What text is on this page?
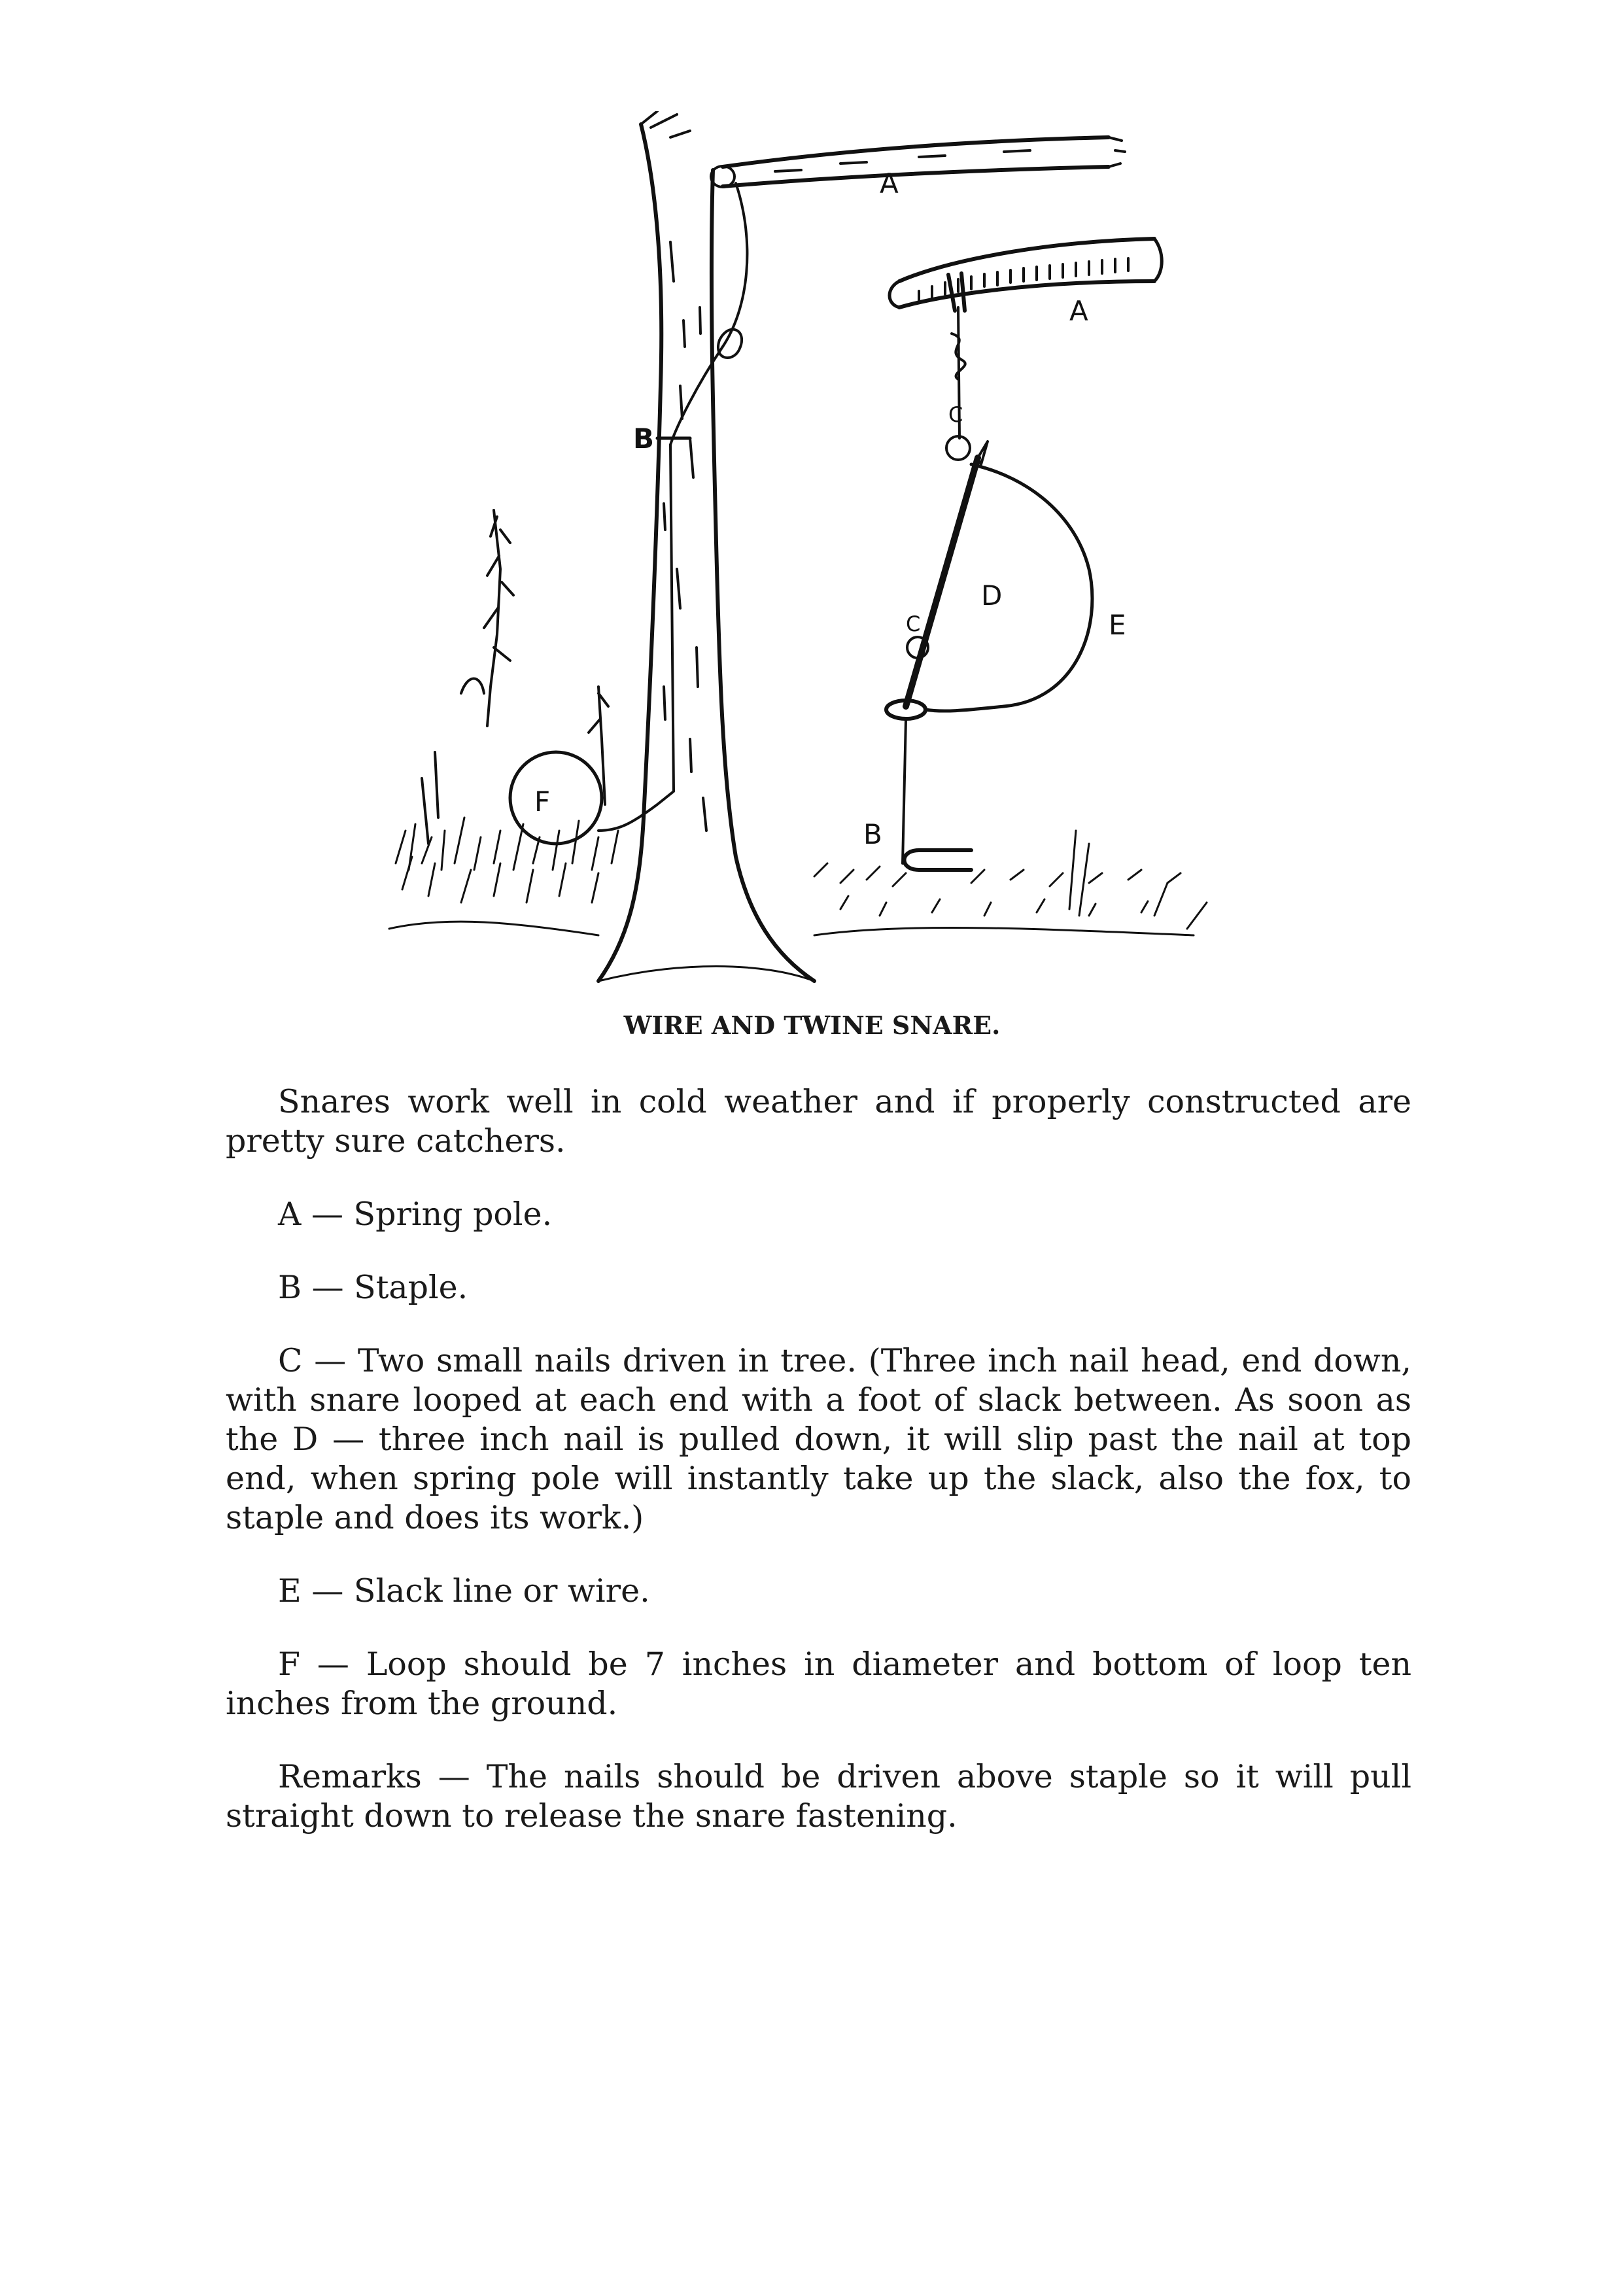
A
A
B
B
C
C
D
E
F
WIRE AND TWINE SNARE.

Snares work well in cold weather and if properly constructed are pretty sure catchers.

A — Spring pole.

B — Staple.

C — Two small nails driven in tree. (Three inch nail head, end down, with snare looped at each end with a foot of slack between. As soon as the D — three inch nail is pulled down, it will slip past the nail at top end, when spring pole will instantly take up the slack, also the fox, to staple and does its work.)

E — Slack line or wire.

F — Loop should be 7 inches in diameter and bottom of loop ten inches from the ground.

Remarks — The nails should be driven above staple so it will pull straight down to release the snare fastening.
